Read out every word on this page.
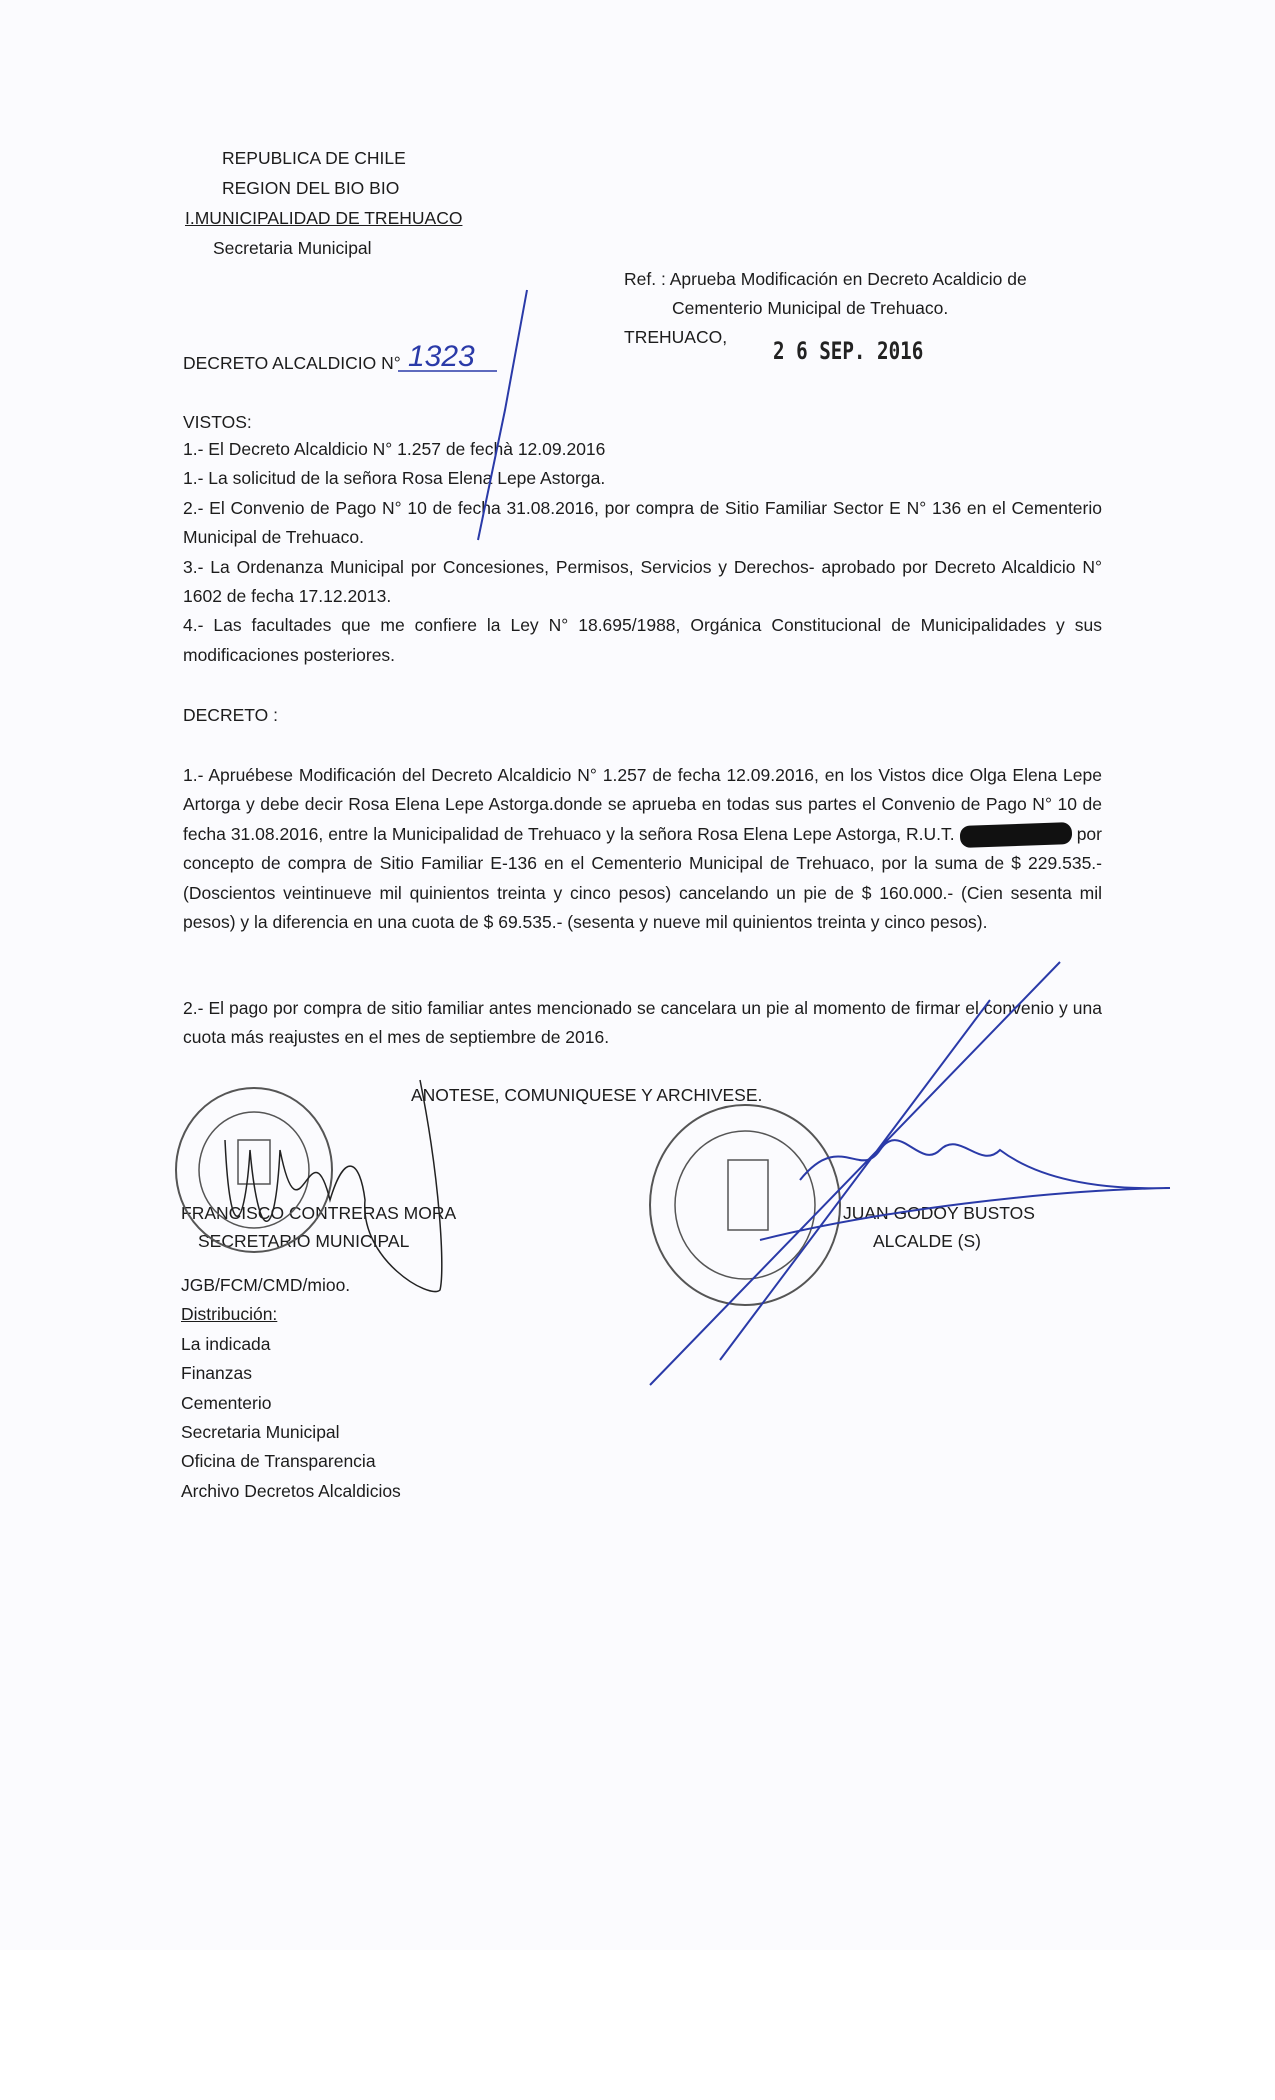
REPUBLICA DE CHILE
REGION DEL BIO BIO
I.MUNICIPALIDAD DE TREHUACO
Secretaria Municipal
Ref. : Aprueba Modificación en Decreto Acaldicio de
Cementerio Municipal de Trehuaco.
TREHUACO, 2 6 SEP. 2016
DECRETO ALCALDICIO N° 1323
VISTOS:

1.- El Decreto Alcaldicio N° 1.257 de fechà 12.09.2016

1.- La solicitud de la señora Rosa Elena Lepe Astorga.

2.- El Convenio de Pago N° 10 de fecha 31.08.2016, por compra de Sitio Familiar Sector E N° 136 en el Cementerio Municipal de Trehuaco.

3.- La Ordenanza Municipal por Concesiones, Permisos, Servicios y Derechos- aprobado por Decreto Alcaldicio N° 1602 de fecha 17.12.2013.

4.- Las facultades que me confiere la Ley N° 18.695/1988, Orgánica Constitucional de Municipalidades y sus modificaciones posteriores.

DECRETO :

1.- Apruébese Modificación del Decreto Alcaldicio N° 1.257 de fecha 12.09.2016, en los Vistos dice Olga Elena Lepe Artorga y debe decir Rosa Elena Lepe Astorga.donde se aprueba en todas sus partes el Convenio de Pago N° 10 de fecha 31.08.2016, entre la Municipalidad de Trehuaco y la señora Rosa Elena Lepe Astorga, R.U.T.	por concepto de compra de Sitio Familiar E-136 en el Cementerio Municipal de Trehuaco, por la suma de $ 229.535.- (Doscientos veintinueve mil quinientos treinta y cinco pesos) cancelando un pie de $ 160.000.- (Cien sesenta mil pesos) y la diferencia en una cuota de $ 69.535.- (sesenta y nueve mil quinientos treinta y cinco pesos).

2.- El pago por compra de sitio familiar antes mencionado se cancelara un pie al momento de firmar el convenio y una cuota más reajustes en el mes de septiembre de 2016.

ANOTESE, COMUNIQUESE Y ARCHIVESE.
FRANCISCO CONTRERAS MORA
SECRETARIO MUNICIPAL
JUAN GODOY BUSTOS
ALCALDE (S)
JGB/FCM/CMD/mioo.
Distribución:
La indicada
Finanzas
Cementerio
Secretaria Municipal
Oficina de Transparencia
Archivo Decretos Alcaldicios
